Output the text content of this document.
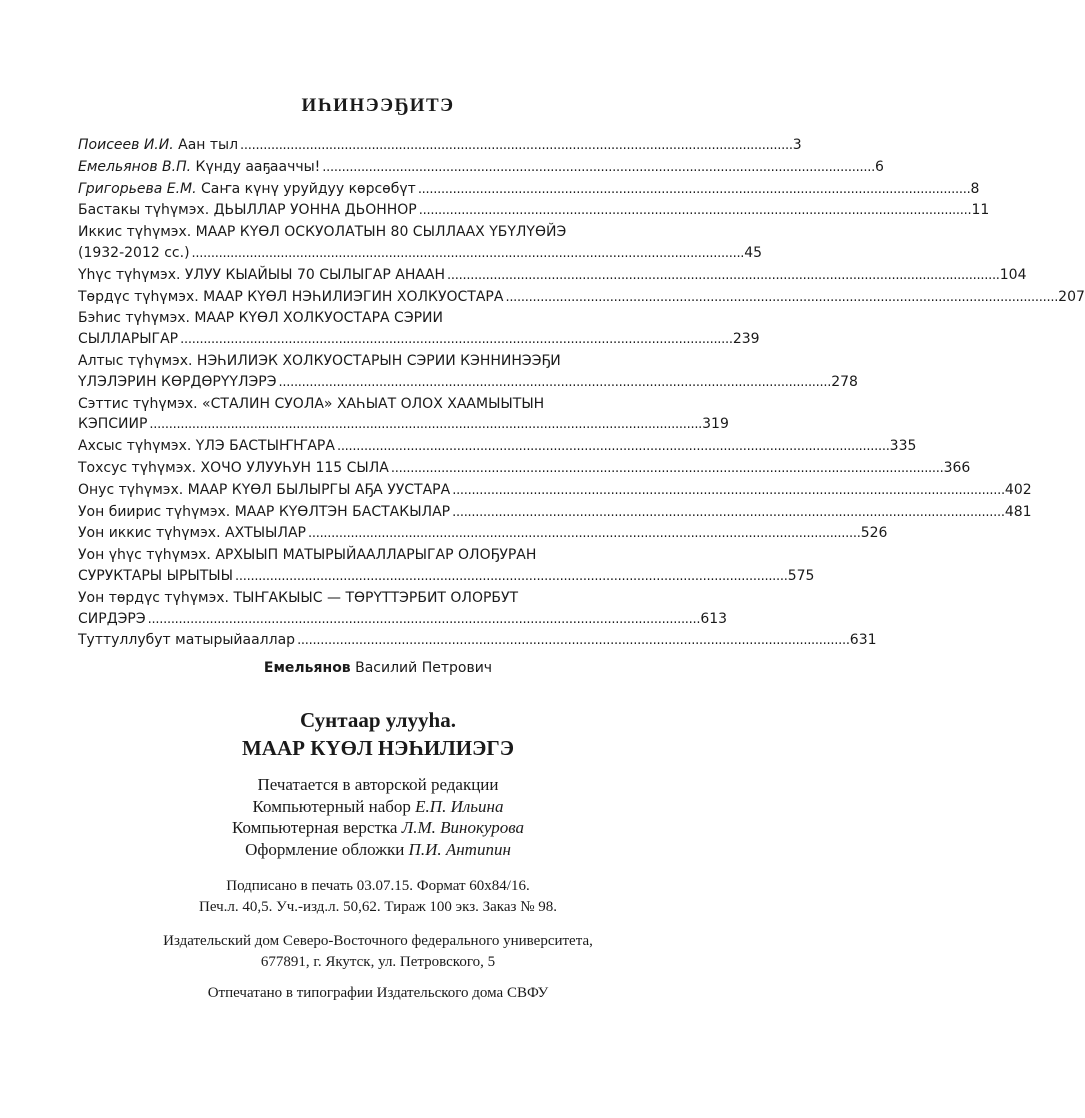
ИҺИНЭЭҔИТЭ
Поисеев И.И. Аан тыл . . .	3
Емельянов В.П. Күнду aаҕааччы! . . .	6
Григорьева Е.М. Саҥа күнү уруйдуу көрсөбүт . . .	8
Бастакы түһүмэх. ДЬЫЛЛАР УОННА ДЬОННОР . . .	11
Иккис түһүмэх. МААР КҮӨЛ ОСКУОЛАТЫН 80 СЫЛЛААХ ҮБҮЛҮӨЙЭ
(1932-2012 сс.) . . .	45
Үһүс түһүмэх. УЛУУ КЫАЙЫЫ 70 СЫЛЫГАР АНААН . . .	104
Төрдүс түһүмэх. МААР КҮӨЛ НЭҺИЛИЭГИН ХОЛКУОСТАРА . . .	207
Бэһис түһүмэх. МААР КҮӨЛ ХОЛКУОСТАРА СЭРИИ
СЫЛЛАРЫГАР . . .	239
Алтыс түһүмэх. НЭҺИЛИЭК ХОЛКУОСТАРЫН СЭРИИ КЭННИНЭЭҔИ
ҮЛЭЛЭРИН КӨРДӨРҮҮЛЭРЭ . . .	278
Сэттис түһүмэх. «СТАЛИН СУОЛА» ХАҺЫАТ ОЛОХ ХААМЫЫТЫН
КЭПСИИР . . .	319
Ахсыс түһүмэх. ҮЛЭ БАСТЫҤҤАРА . . .	335
Тохсус түһүмэх. ХОЧО УЛУУҺУН 115 СЫЛА . . .	366
Онус түһүмэх. МААР КҮӨЛ БЫЛЫРГЫ АҔА УУСТАРА . . .	402
Уон биирис түһүмэх. МААР КҮӨЛТЭН БАСТАКЫЛАР . . .	481
Уон иккис түһүмэх. АХТЫЫЛАР . . .	526
Уон үһүс түһүмэх. АРХЫЫП МАТЫРЫЙААЛЛАРЫГАР ОЛОҔУРАН
СУРУКТАРЫ ЫРЫТЫЫ . . .	575
Уон төрдүс түһүмэх. ТЫҤАКЫЫС — ТӨРҮТТЭРБИТ ОЛОРБУТ
СИРДЭРЭ . . .	613
Туттуллубут матырыйааллар . . .	631
Емельянов Василий Петрович
Сунтаар улууһа.
МААР КҮӨЛ НЭҺИЛИЭГЭ
Печатается в авторской редакции
Компьютерный набор Е.П. Ильина
Компьютерная верстка Л.М. Винокурова
Оформление обложки П.И. Антипин
Подписано в печать 03.07.15. Формат 60х84/16.
Печ.л. 40,5. Уч.-изд.л. 50,62. Тираж 100 экз. Заказ № 98.
Издательский дом Северо-Восточного федерального университета,
677891, г. Якутск, ул. Петровского, 5
Отпечатано в типографии Издательского дома СВФУ
